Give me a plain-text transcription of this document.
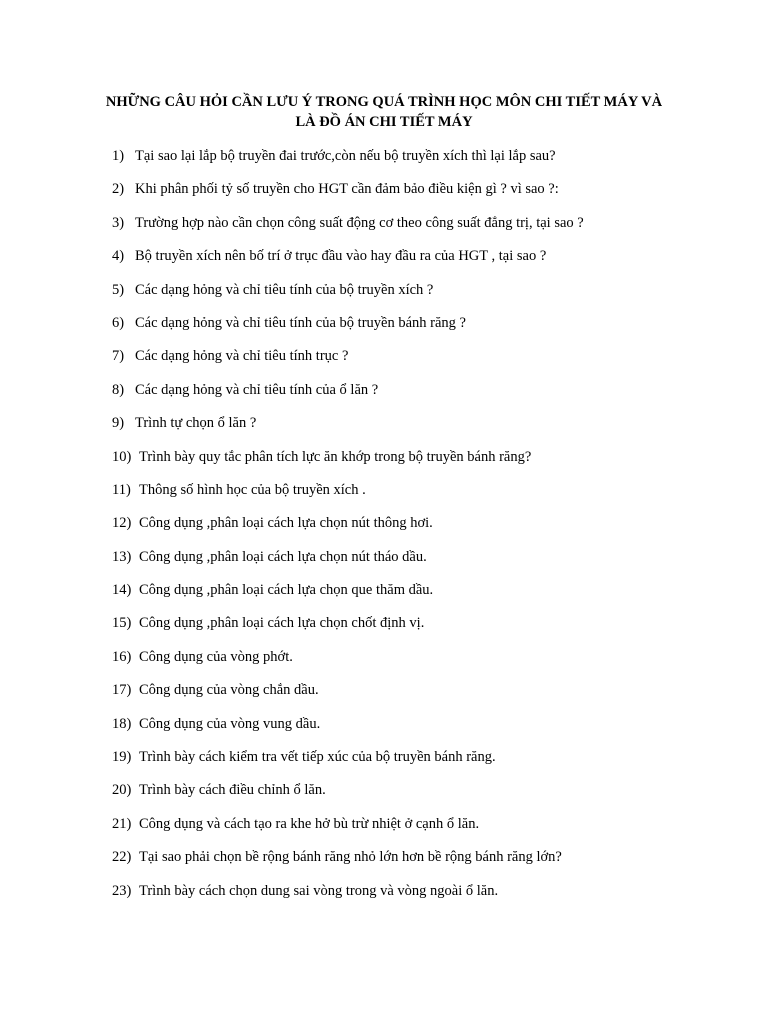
NHỮNG CÂU HỎI CẦN LƯU Ý TRONG QUÁ TRÌNH HỌC MÔN CHI TIẾT MÁY VÀ
LÀ ĐỒ ÁN CHI TIẾT MÁY
1) Tại sao lại lắp bộ truyền đai trước,còn nếu bộ truyền xích thì lại lắp sau?
2) Khi phân phối tỷ số truyền cho HGT cần đảm bảo điều kiện gì ? vì sao ?:
3) Trường hợp nào cần chọn công suất động cơ theo công suất đẳng trị, tại sao ?
4) Bộ truyền xích nên bố trí ở trục đầu vào hay đầu ra của HGT , tại sao ?
5) Các dạng hỏng và chỉ tiêu tính của bộ truyền xích ?
6) Các dạng hỏng và chỉ tiêu tính của bộ truyền bánh răng ?
7) Các dạng hỏng và chỉ tiêu tính trục ?
8) Các dạng hỏng và chỉ tiêu tính của ổ lăn ?
9) Trình tự chọn ổ lăn ?
10) Trình bày quy tắc phân tích lực ăn khớp trong bộ truyền bánh răng?
11) Thông số hình học của bộ truyền xích .
12) Công dụng ,phân loại cách lựa chọn nút thông hơi.
13) Công dụng ,phân loại cách lựa chọn nút tháo dầu.
14) Công dụng ,phân loại cách lựa chọn que thăm dầu.
15) Công dụng ,phân loại cách lựa chọn chốt định vị.
16) Công dụng của vòng phớt.
17) Công dụng của vòng chắn dầu.
18) Công dụng của vòng vung dầu.
19) Trình bày cách kiểm tra vết tiếp xúc của bộ truyền bánh răng.
20) Trình bày cách điều chỉnh ổ lăn.
21) Công dụng và cách tạo ra khe hở bù trừ nhiệt ở cạnh ổ lăn.
22) Tại sao phải chọn bề rộng bánh răng nhỏ lớn hơn bề rộng bánh răng lớn?
23) Trình bày cách chọn dung sai vòng trong và vòng ngoài ổ lăn.
